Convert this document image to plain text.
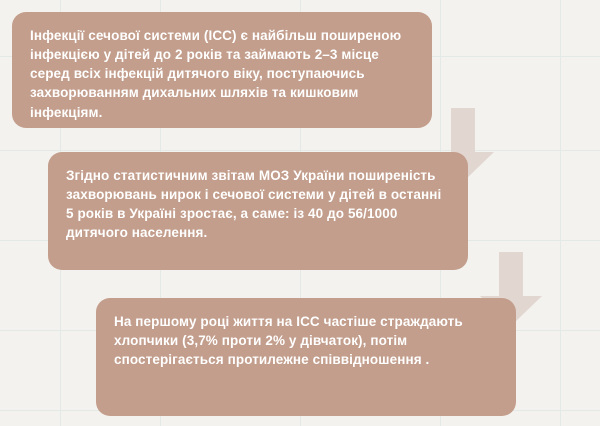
Інфекції сечової системи (ІСС) є найбільш поширеною інфекцією у дітей до 2 років та займають 2–3 місце серед всіх інфекцій дитячого віку, поступаючись захворюванням дихальних шляхів та кишковим інфекціям.
Згідно статистичним звітам МОЗ України поширеність захворювань нирок і сечової системи у дітей в останні 5 років в Україні зростає, а саме: із 40 до 56/1000 дитячого населення.
На першому році життя на ІСС частіше страждають хлопчики (3,7% проти 2% у дівчаток), потім спостерігається протилежне співвідношення .
